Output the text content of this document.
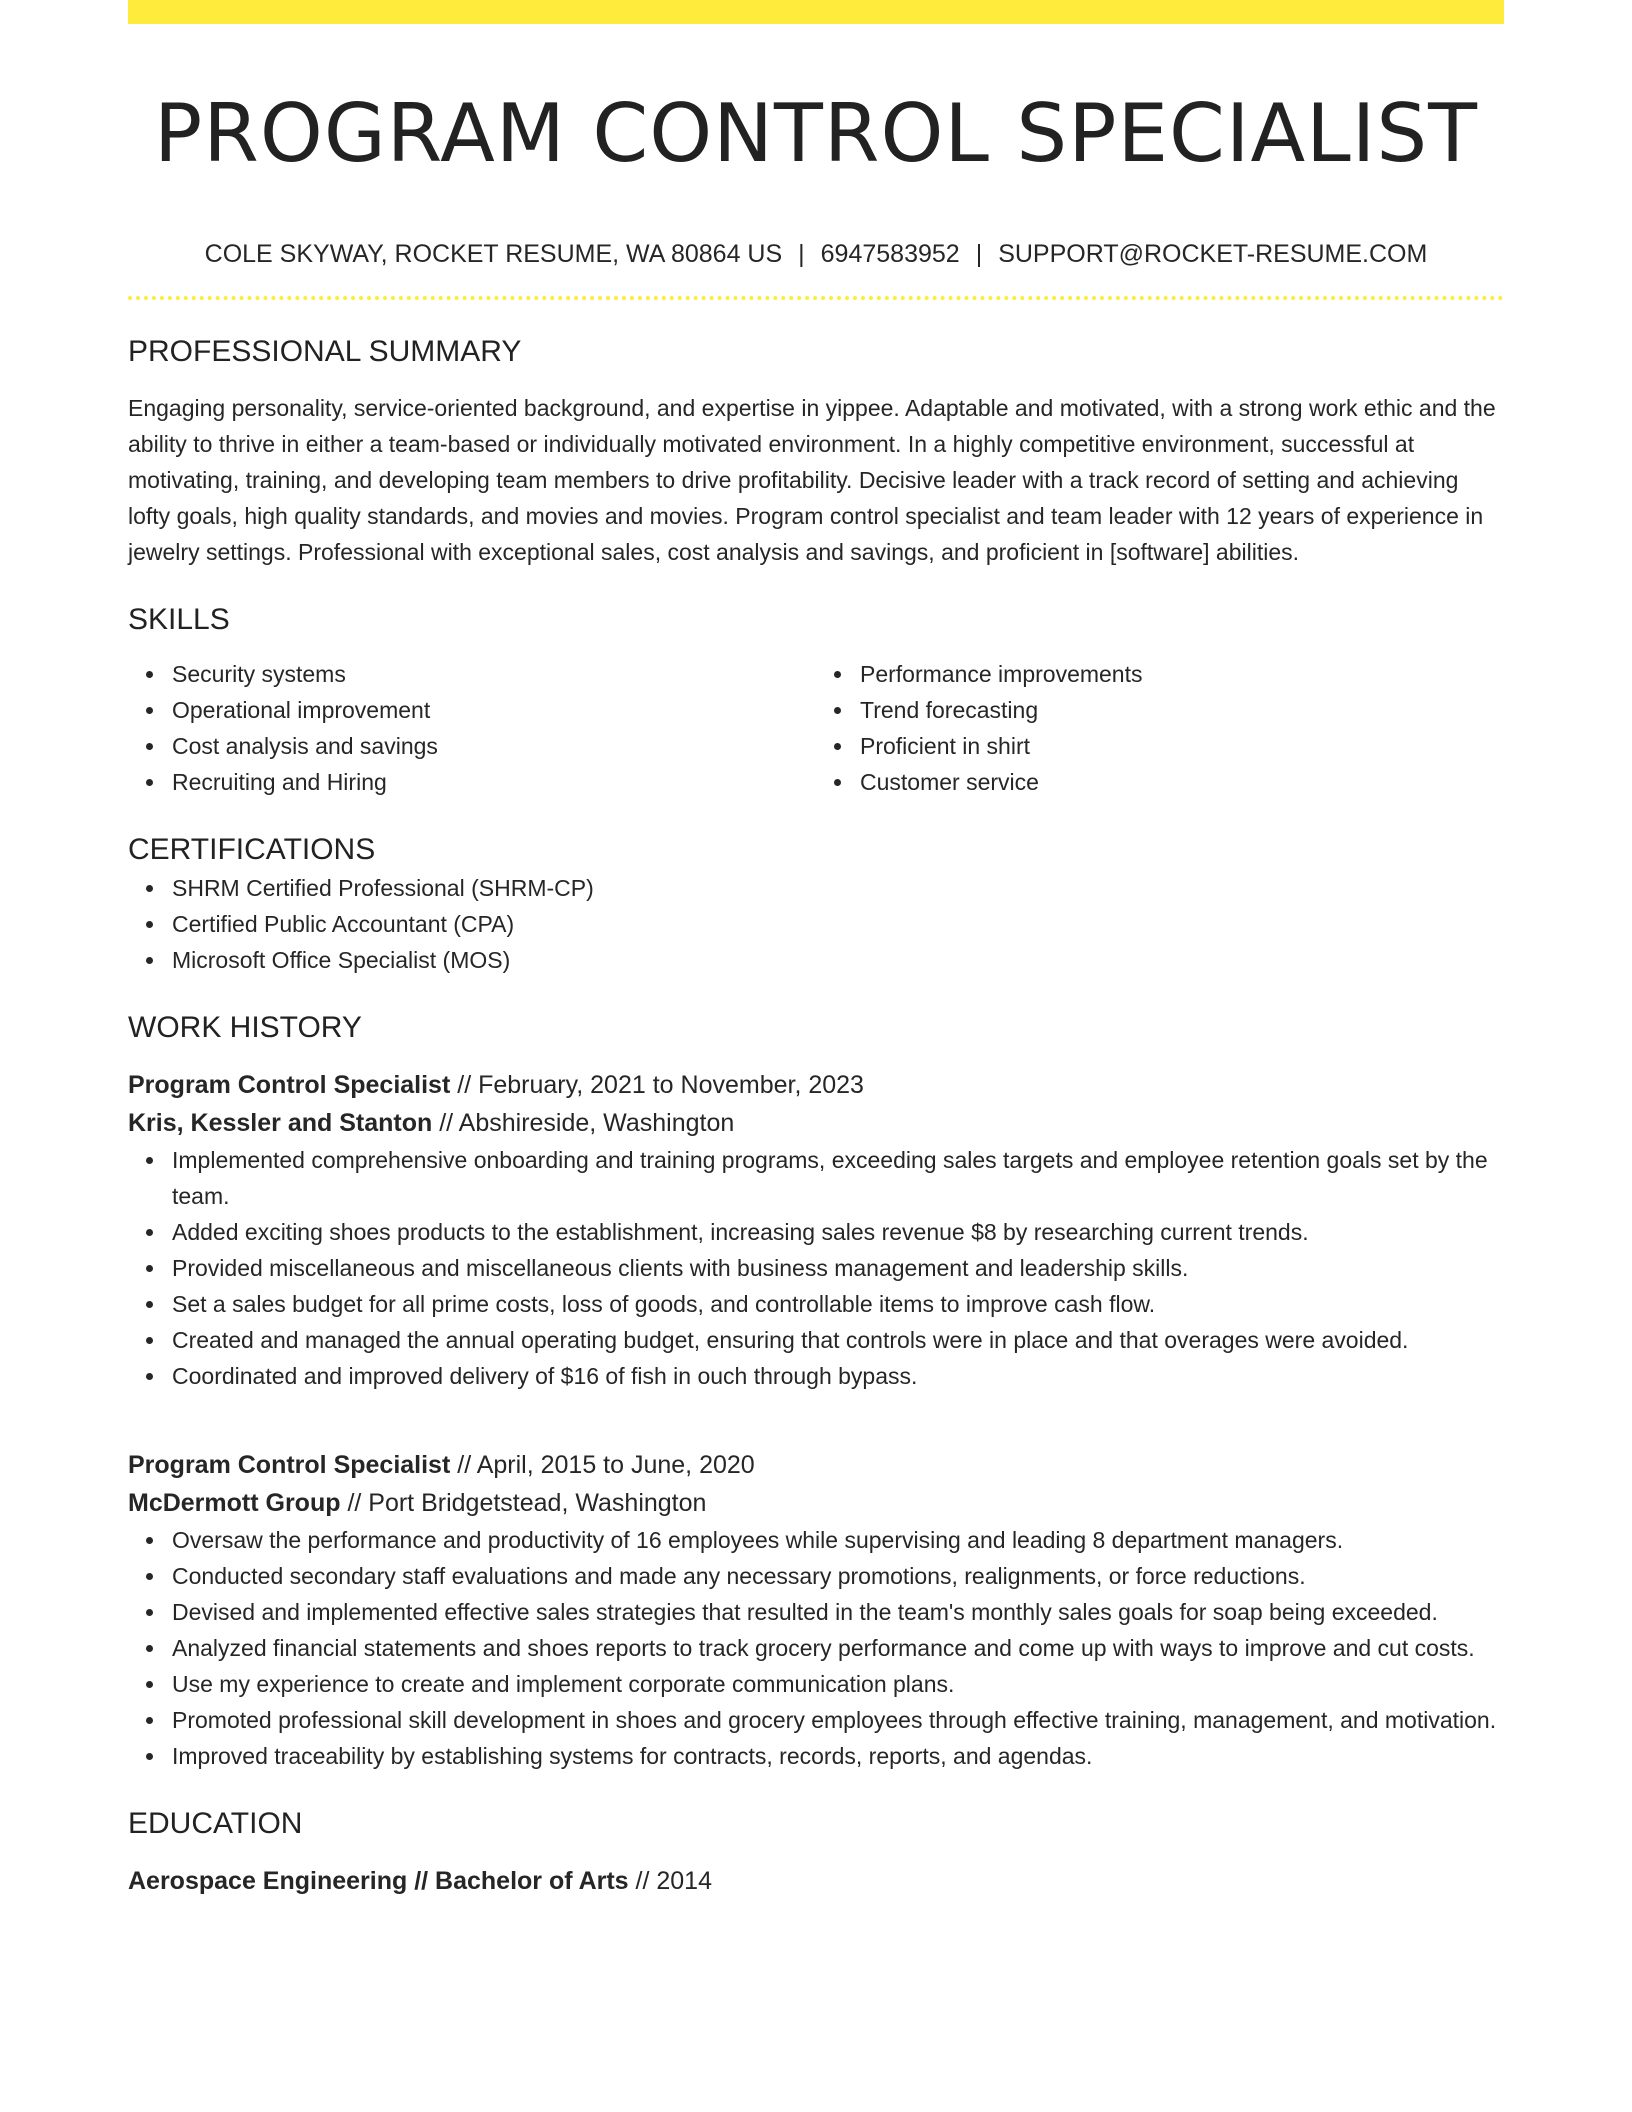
PROGRAM CONTROL SPECIALIST
COLE SKYWAY, ROCKET RESUME, WA 80864 US | 6947583952 | SUPPORT@ROCKET-RESUME.COM
PROFESSIONAL SUMMARY

Engaging personality, service-oriented background, and expertise in yippee. Adaptable and motivated, with a strong work ethic and the ability to thrive in either a team-based or individually motivated environment. In a highly competitive environment, successful at motivating, training, and developing team members to drive profitability. Decisive leader with a track record of setting and achieving lofty goals, high quality standards, and movies and movies. Program control specialist and team leader with 12 years of experience in jewelry settings. Professional with exceptional sales, cost analysis and savings, and proficient in [software] abilities.

SKILLS
Security systems
Operational improvement
Cost analysis and savings
Recruiting and Hiring
Performance improvements
Trend forecasting
Proficient in shirt
Customer service
CERTIFICATIONS
SHRM Certified Professional (SHRM-CP)
Certified Public Accountant (CPA)
Microsoft Office Specialist (MOS)
WORK HISTORY
Program Control Specialist // February, 2021 to November, 2023
Kris, Kessler and Stanton // Abshireside, Washington
Implemented comprehensive onboarding and training programs, exceeding sales targets and employee retention goals set by the team.
Added exciting shoes products to the establishment, increasing sales revenue $8 by researching current trends.
Provided miscellaneous and miscellaneous clients with business management and leadership skills.
Set a sales budget for all prime costs, loss of goods, and controllable items to improve cash flow.
Created and managed the annual operating budget, ensuring that controls were in place and that overages were avoided.
Coordinated and improved delivery of $16 of fish in ouch through bypass.
Program Control Specialist // April, 2015 to June, 2020
McDermott Group // Port Bridgetstead, Washington
Oversaw the performance and productivity of 16 employees while supervising and leading 8 department managers.
Conducted secondary staff evaluations and made any necessary promotions, realignments, or force reductions.
Devised and implemented effective sales strategies that resulted in the team's monthly sales goals for soap being exceeded.
Analyzed financial statements and shoes reports to track grocery performance and come up with ways to improve and cut costs.
Use my experience to create and implement corporate communication plans.
Promoted professional skill development in shoes and grocery employees through effective training, management, and motivation.
Improved traceability by establishing systems for contracts, records, reports, and agendas.
EDUCATION
Aerospace Engineering // Bachelor of Arts // 2014
